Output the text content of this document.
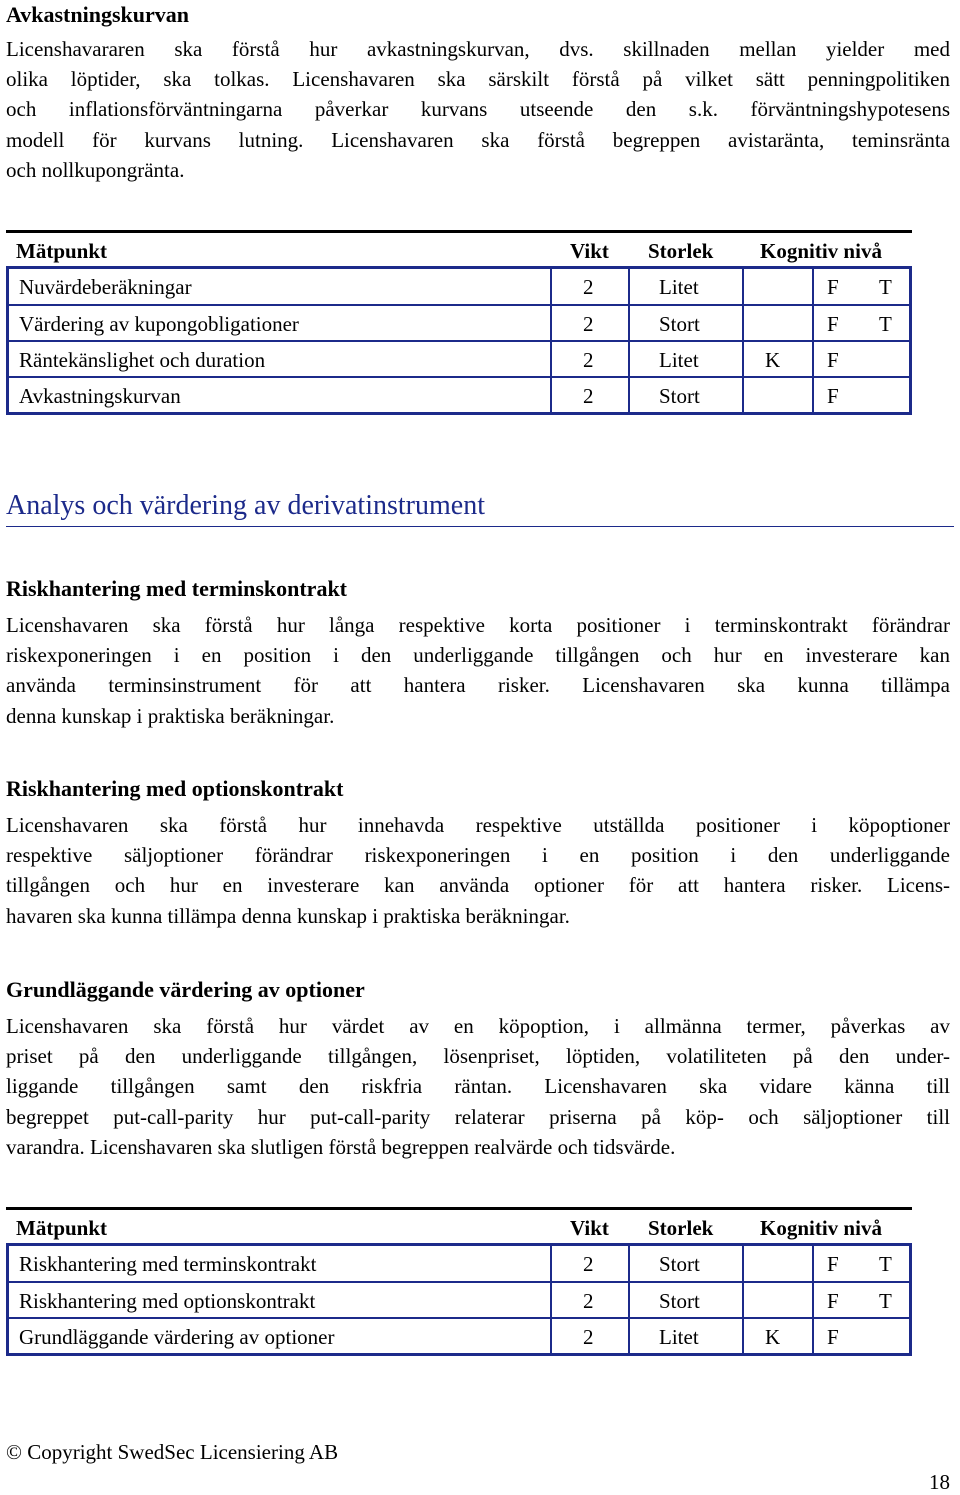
Avkastningskurvan
Licenshavararen ska förstå hur avkastningskurvan, dvs. skillnaden mellan yielder med
olika löptider, ska tolkas. Licenshavaren ska särskilt förstå på vilket sätt penningpolitiken
och inflationsförväntningarna påverkar kurvans utseende den s.k. förväntningshypotesens
modell för kurvans lutning. Licenshavaren ska förstå begreppen avistaränta, teminsränta
och nollkupongränta.
Mätpunkt	Vikt Storlek Kognitiv nivå
Nuvärdeberäkningar	2	Litet	F T
Värdering av kupongobligationer	2	Stort	F T
Räntekänslighet och duration	2	Litet	K F
Avkastningskurvan	2	Stort	F
Analys och värdering av derivatinstrument
Riskhantering med terminskontrakt
Licenshavaren ska förstå hur långa respektive korta positioner i terminskontrakt förändrar
riskexponeringen i en position i den underliggande tillgången och hur en investerare kan
använda terminsinstrument för att hantera risker. Licenshavaren ska kunna tillämpa
denna kunskap i praktiska beräkningar.
Riskhantering med optionskontrakt
Licenshavaren ska förstå hur innehavda respektive utställda positioner i köpoptioner
respektive säljoptioner förändrar riskexponeringen i en position i den underliggande
tillgången och hur en investerare kan använda optioner för att hantera risker. Licens-
havaren ska kunna tillämpa denna kunskap i praktiska beräkningar.
Grundläggande värdering av optioner
Licenshavaren ska förstå hur värdet av en köpoption, i allmänna termer, påverkas av
priset på den underliggande tillgången, lösenpriset, löptiden, volatiliteten på den under-
liggande tillgången samt den riskfria räntan. Licenshavaren ska vidare känna till
begreppet put-call-parity hur put-call-parity relaterar priserna på köp- och säljoptioner till
varandra. Licenshavaren ska slutligen förstå begreppen realvärde och tidsvärde.
Mätpunkt	Vikt Storlek Kognitiv nivå
Riskhantering med terminskontrakt	2	Stort	F T
Riskhantering med optionskontrakt	2	Stort	F T
Grundläggande värdering av optioner	2	Litet	K F
© Copyright SwedSec Licensiering AB
18
